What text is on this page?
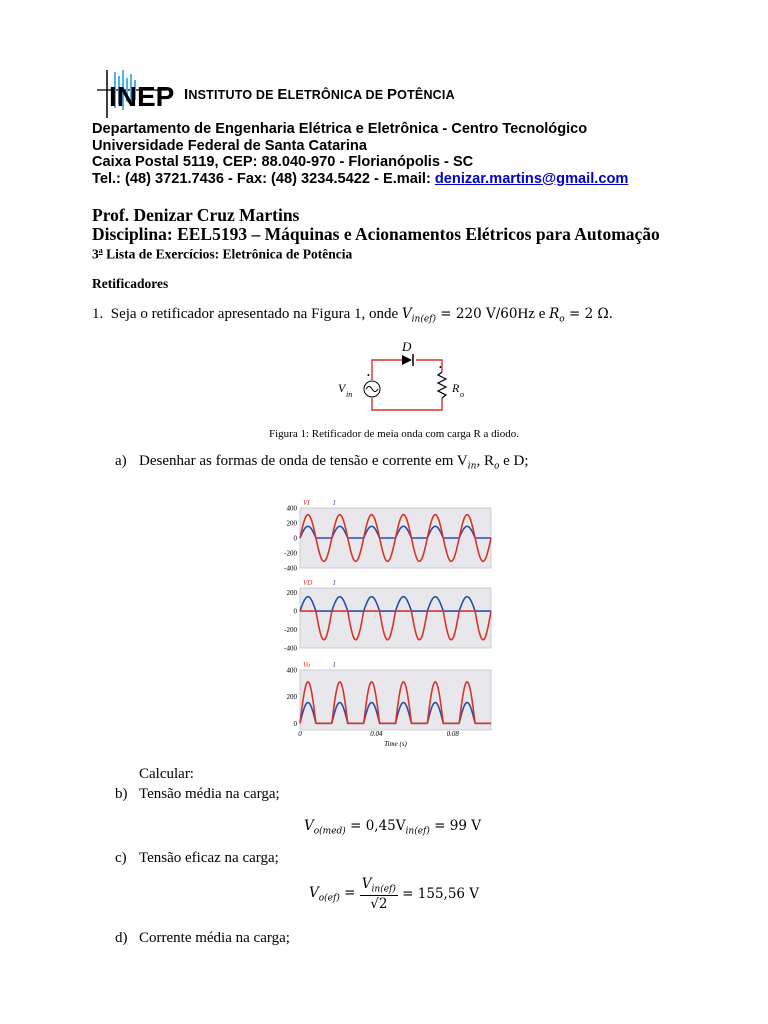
INEP INSTITUTO DE ELETRÔNICA DE POTÊNCIA
Departamento de Engenharia Elétrica e Eletrônica - Centro Tecnológico
Universidade Federal de Santa Catarina
Caixa Postal 5119, CEP: 88.040-970 - Florianópolis - SC
Tel.: (48) 3721.7436 - Fax: (48) 3234.5422 - E.mail: denizar.martins@gmail.com
Prof. Denizar Cruz Martins
Disciplina: EEL5193 – Máquinas e Acionamentos Elétricos para Automação
3$^a$ Lista de Exercícios: Eletrônica de Potência
Retificadores
1. Seja o retificador apresentado na Figura 1, onde $V_{in(ef)} = 220$ V/60Hz e $R_o = 2$ Ω.
•
•
D
V in	R o
Figura 1: Retificador de meia onda com carga R a diodo.
a) Desenhar as formas de onda de tensão e corrente em $V_{in}$, $R_o$ e D;
VI	I
400
200
0
-200
-400
VD	I
200
0
-200
-400
Vo	I
400
200
0
0	0.04	0.08
Time (s)
Calcular:
b) Tensão média na carga;
$V_{o(med)} = 0,45V_{in(ef)} = 99$ V
c) Tensão eficaz na carga;
$V_{o(ef)} = \frac{V_{in(ef)}}{√2} = 155,56$ V
d) Corrente média na carga;
